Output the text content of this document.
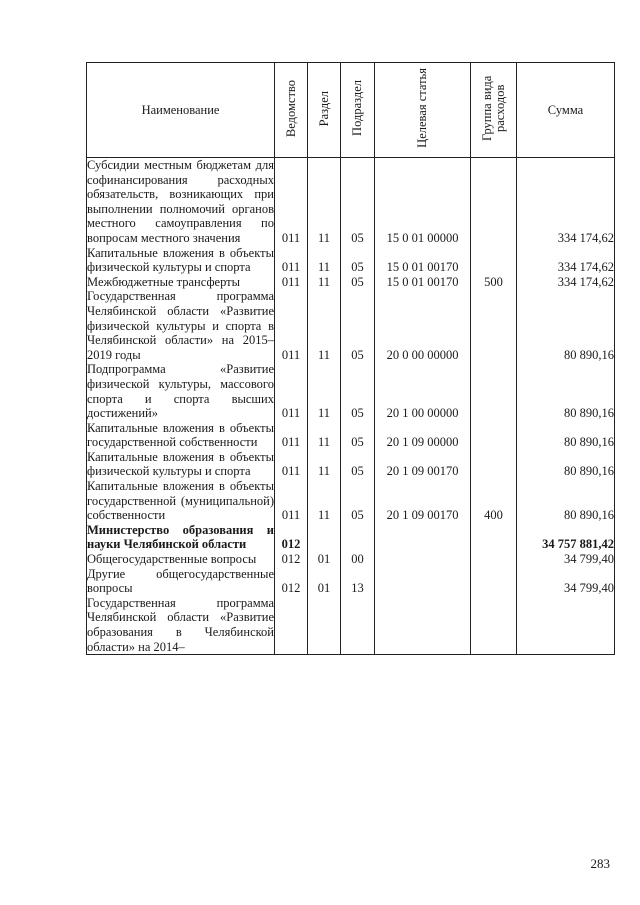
Наименование	Ведомство	Раздел	Подраздел	Целевая статья	Группа вида расходов	Сумма
Субсидии местным бюджетам для софинансирования расходных обязательств, возникающих при выполнении полномочий органов местного самоуправления по вопросам местного значения	011	11	05	15 0 01 00000		334 174,62
Капитальные вложения в объекты физической культуры и спорта	011	11	05	15 0 01 00170		334 174,62
Межбюджетные трансферты	011	11	05	15 0 01 00170	500	334 174,62
Государственная программа Челябинской области «Развитие физической культуры и спорта в Челябинской области» на 2015–2019 годы	011	11	05	20 0 00 00000		80 890,16
Подпрограмма «Развитие физической культуры, массового спорта и спорта высших достижений»	011	11	05	20 1 00 00000		80 890,16
Капитальные вложения в объекты государственной собственности	011	11	05	20 1 09 00000		80 890,16
Капитальные вложения в объекты физической культуры и спорта	011	11	05	20 1 09 00170		80 890,16
Капитальные вложения в объекты государственной (муниципальной) собственности	011	11	05	20 1 09 00170	400	80 890,16
Министерство образования и науки Челябинской области	012					34 757 881,42
Общегосударственные вопросы	012	01	00			34 799,40
Другие общегосударственные вопросы	012	01	13			34 799,40
Государственная программа Челябинской области «Развитие образования в Челябинской области» на 2014–						
283
